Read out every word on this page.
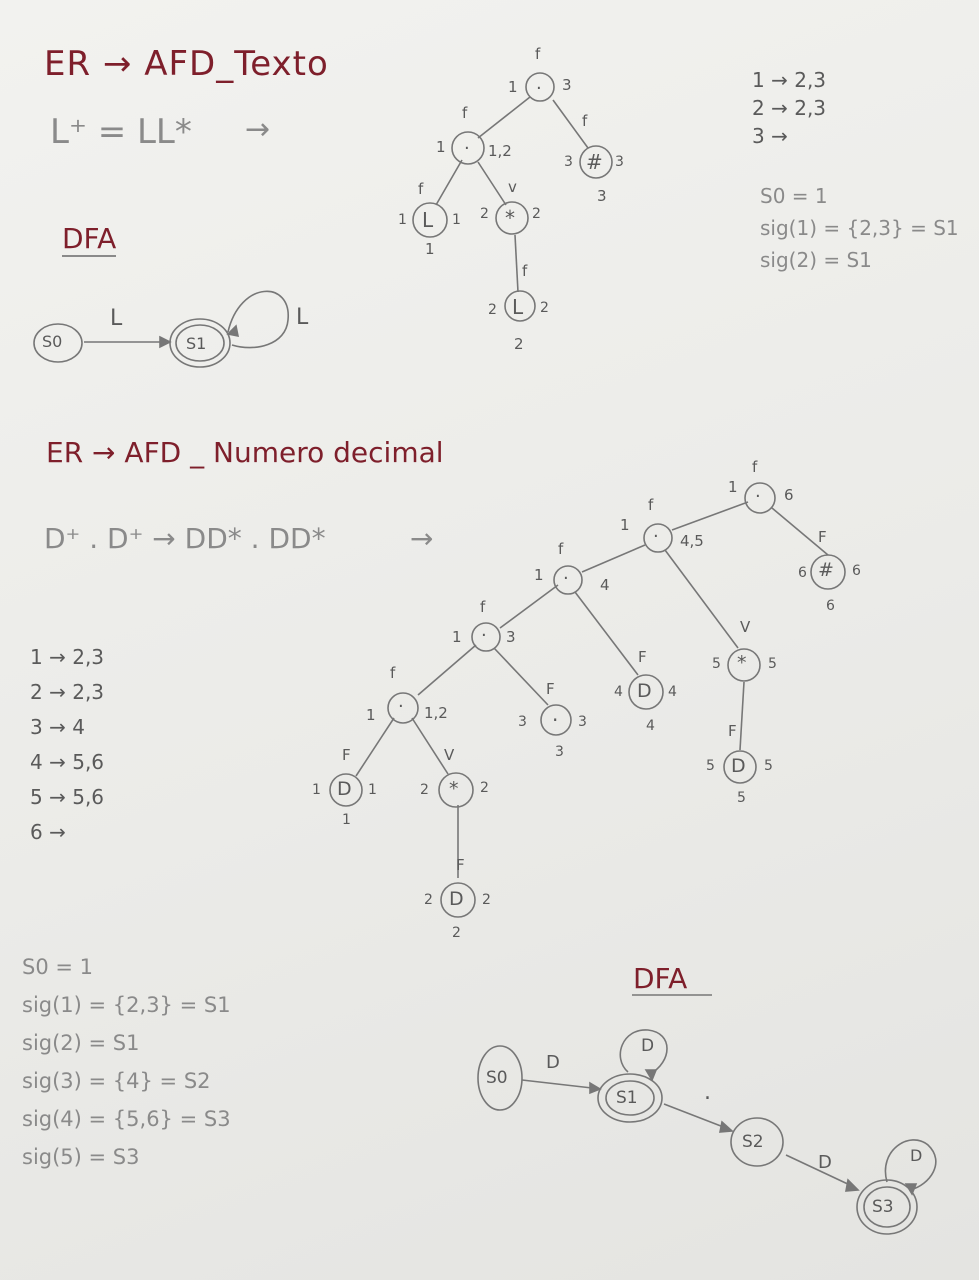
ER → AFD_Texto
L⁺ = LL* →
DFA
S0	S1
L	L
f
1	3
·
f
1	1,2
·
f
L
1	1
1
v
*
2	2
f
L
2	2
2
f
#
3	3
3
1 → 2,3
2 → 2,3
3 →
S0 = 1
sig(1) = {2,3} = S1
sig(2) = S1
ER → AFD _ Numero decimal
D⁺ . D⁺ → DD* . DD*	→
1 → 2,3
2 → 2,3
3 → 4
4 → 5,6
5 → 5,6
6 →
S0 = 1
sig(1) = {2,3} = S1
sig(2) = S1
sig(3) = {4} = S2
sig(4) = {5,6} = S3
sig(5) = S3
f
·
1	6
f
·
1
4,5
f
·
1
4
f
·
1	3
f
·
1	1,2
F
D
1	1
1
V
*
2	2
F
D
2	2
2
F
.
3	3
3
F
D
4	4
4
V
*
5	5
F
D
5	5
5
F
#
6	6
6
DFA
S0
S1
S2
S3
D
D
.
D	D
